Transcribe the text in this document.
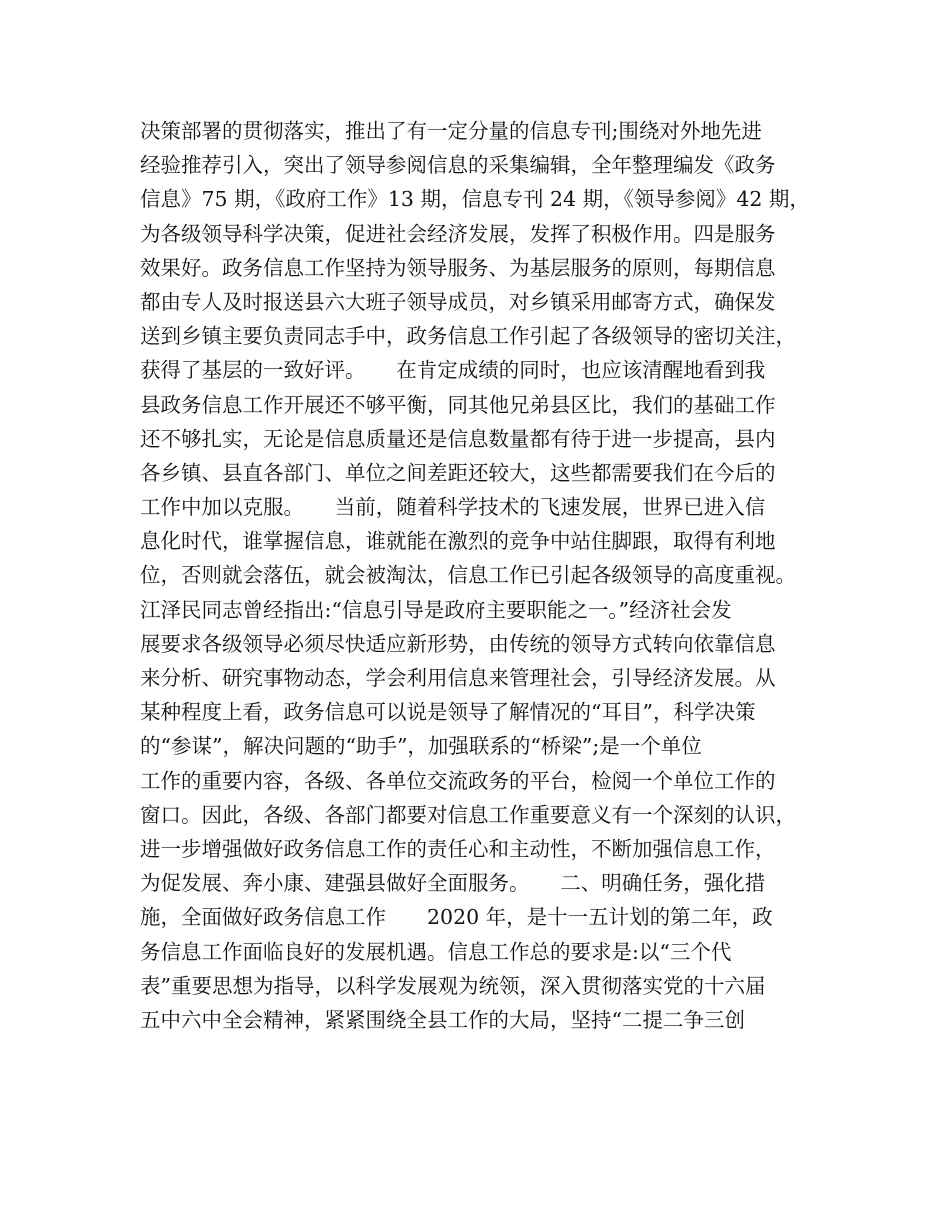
决策部署的贯彻落实，推出了有一定分量的信息专刊;围绕对外地先进
经验推荐引入，突出了领导参阅信息的采集编辑，全年整理编发《政务
信息》75 期，《政府工作》13 期，信息专刊 24 期，《领导参阅》42 期，
为各级领导科学决策，促进社会经济发展，发挥了积极作用。四是服务
效果好。政务信息工作坚持为领导服务、为基层服务的原则，每期信息
都由专人及时报送县六大班子领导成员，对乡镇采用邮寄方式，确保发
送到乡镇主要负责同志手中，政务信息工作引起了各级领导的密切关注，
获得了基层的一致好评。　　在肯定成绩的同时，也应该清醒地看到我
县政务信息工作开展还不够平衡，同其他兄弟县区比，我们的基础工作
还不够扎实，无论是信息质量还是信息数量都有待于进一步提高，县内
各乡镇、县直各部门、单位之间差距还较大，这些都需要我们在今后的
工作中加以克服。　　当前，随着科学技术的飞速发展，世界已进入信
息化时代，谁掌握信息，谁就能在激烈的竞争中站住脚跟，取得有利地
位，否则就会落伍，就会被淘汰，信息工作已引起各级领导的高度重视。
江泽民同志曾经指出:“信息引导是政府主要职能之一。”经济社会发
展要求各级领导必须尽快适应新形势，由传统的领导方式转向依靠信息
来分析、研究事物动态，学会利用信息来管理社会，引导经济发展。从
某种程度上看，政务信息可以说是领导了解情况的“耳目”，科学决策
的“参谋”，解决问题的“助手”，加强联系的“桥梁”;是一个单位
工作的重要内容，各级、各单位交流政务的平台，检阅一个单位工作的
窗口。因此，各级、各部门都要对信息工作重要意义有一个深刻的认识，
进一步增强做好政务信息工作的责任心和主动性，不断加强信息工作，
为促发展、奔小康、建强县做好全面服务。　　二、明确任务，强化措
施，全面做好政务信息工作　　2020 年，是十一五计划的第二年，政
务信息工作面临良好的发展机遇。信息工作总的要求是:以“三个代
表”重要思想为指导，以科学发展观为统领，深入贯彻落实党的十六届
五中六中全会精神，紧紧围绕全县工作的大局，坚持“二提二争三创
